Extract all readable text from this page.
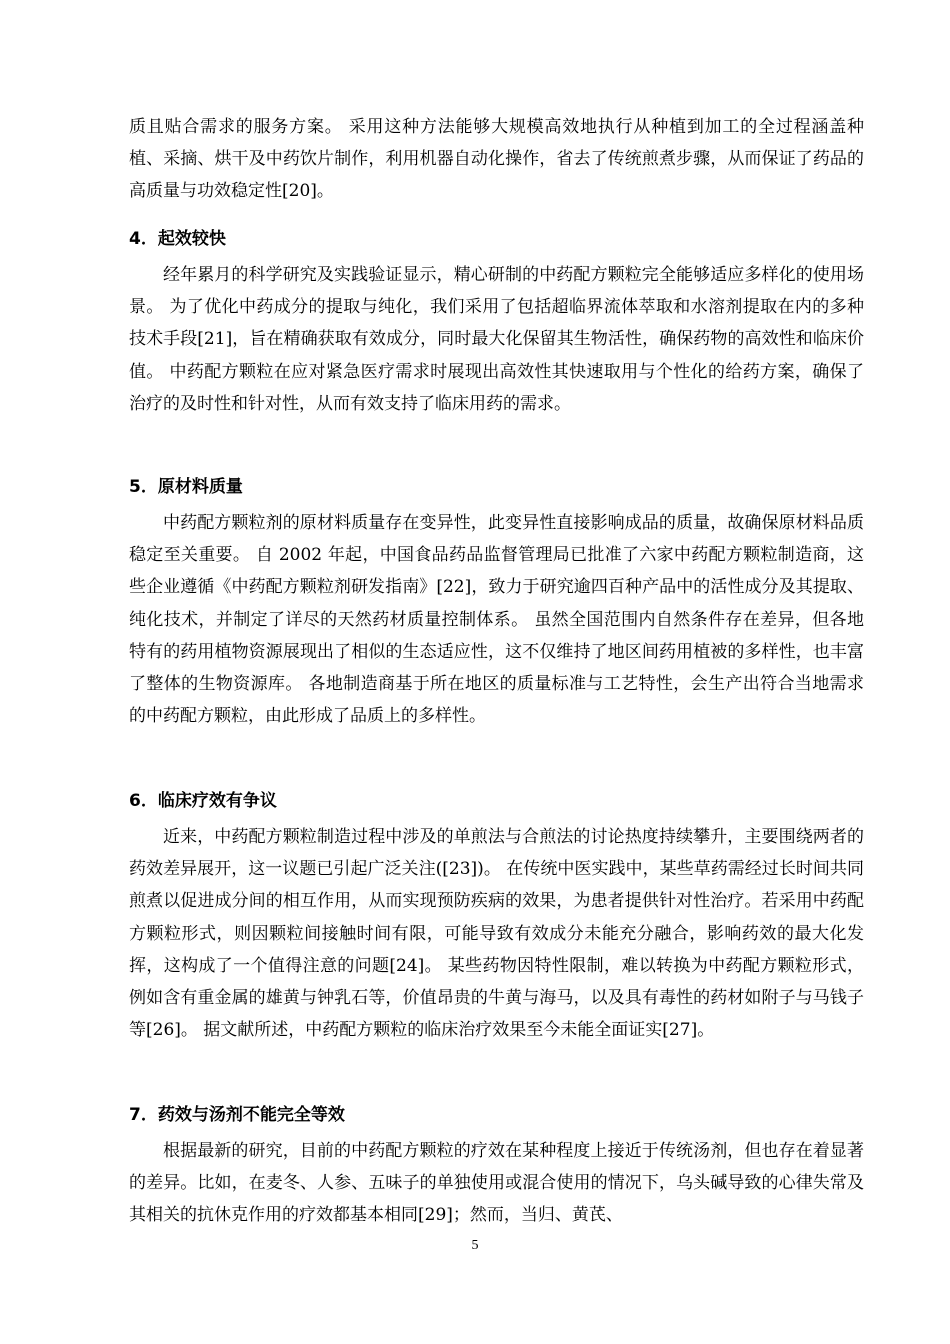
质且贴合需求的服务方案。 采用这种方法能够大规模高效地执行从种植到加工的全过程涵盖种植、采摘、烘干及中药饮片制作，利用机器自动化操作，省去了传统煎煮步骤，从而保证了药品的高质量与功效稳定性[20]。

4．起效较快

经年累月的科学研究及实践验证显示，精心研制的中药配方颗粒完全能够适应多样化的使用场景。 为了优化中药成分的提取与纯化，我们采用了包括超临界流体萃取和水溶剂提取在内的多种技术手段[21]，旨在精确获取有效成分，同时最大化保留其生物活性，确保药物的高效性和临床价值。 中药配方颗粒在应对紧急医疗需求时展现出高效性其快速取用与个性化的给药方案，确保了治疗的及时性和针对性，从而有效支持了临床用药的需求。

5．原材料质量

中药配方颗粒剂的原材料质量存在变异性，此变异性直接影响成品的质量，故确保原材料品质稳定至关重要。 自 2002 年起，中国食品药品监督管理局已批准了六家中药配方颗粒制造商，这些企业遵循《中药配方颗粒剂研发指南》[22]，致力于研究逾四百种产品中的活性成分及其提取、纯化技术，并制定了详尽的天然药材质量控制体系。 虽然全国范围内自然条件存在差异，但各地特有的药用植物资源展现出了相似的生态适应性，这不仅维持了地区间药用植被的多样性，也丰富了整体的生物资源库。 各地制造商基于所在地区的质量标准与工艺特性，会生产出符合当地需求的中药配方颗粒，由此形成了品质上的多样性。

6．临床疗效有争议

近来，中药配方颗粒制造过程中涉及的单煎法与合煎法的讨论热度持续攀升，主要围绕两者的药效差异展开，这一议题已引起广泛关注([23])。 在传统中医实践中，某些草药需经过长时间共同煎煮以促进成分间的相互作用，从而实现预防疾病的效果，为患者提供针对性治疗。若采用中药配方颗粒形式，则因颗粒间接触时间有限，可能导致有效成分未能充分融合，影响药效的最大化发挥，这构成了一个值得注意的问题[24]。 某些药物因特性限制，难以转换为中药配方颗粒形式，例如含有重金属的雄黄与钟乳石等，价值昂贵的牛黄与海马，以及具有毒性的药材如附子与马钱子等[26]。 据文献所述，中药配方颗粒的临床治疗效果至今未能全面证实[27]。

7．药效与汤剂不能完全等效

根据最新的研究，目前的中药配方颗粒的疗效在某种程度上接近于传统汤剂，但也存在着显著的差异。比如，在麦冬、人参、五味子的单独使用或混合使用的情况下，乌头碱导致的心律失常及其相关的抗休克作用的疗效都基本相同[29]；然而，当归、黄芪、

5
